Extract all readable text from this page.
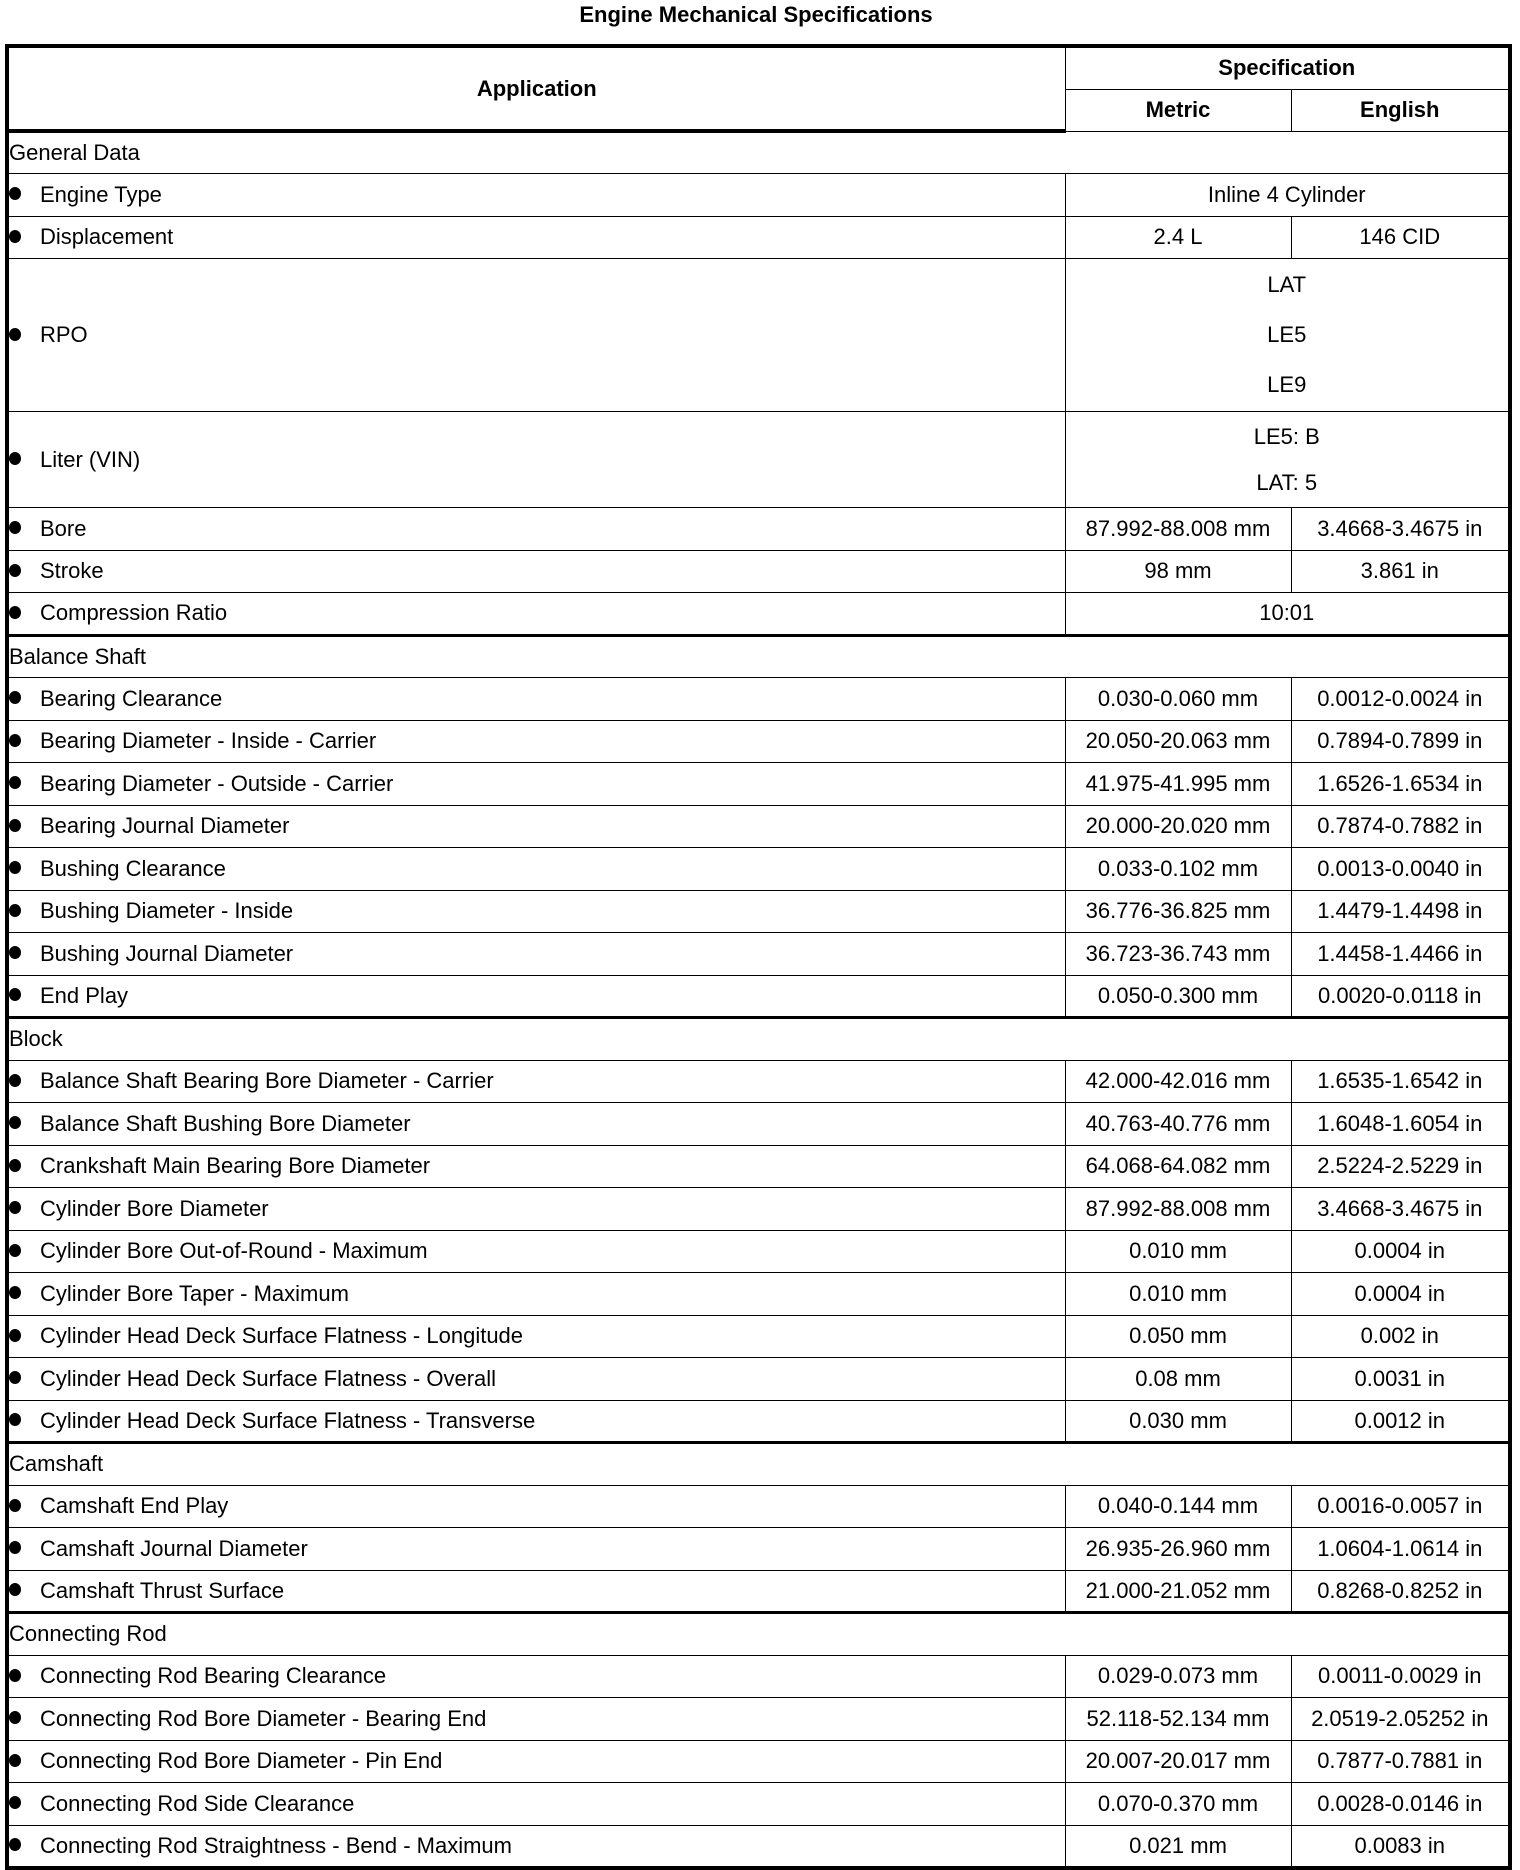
Engine Mechanical Specifications
Application	Specification	
	Metric	English
General Data		
Engine Type	Inline 4 Cylinder	
Displacement	2.4 L	146 CID
RPO	LAT
LE5
LE9	

Liter (VIN)	LE5: B
LAT: 5	

Bore	87.992-88.008 mm	3.4668-3.4675 in
Stroke	98 mm	3.861 in
Compression Ratio	10:01	
Balance Shaft		
Bearing Clearance	0.030-0.060 mm	0.0012-0.0024 in
Bearing Diameter - Inside - Carrier	20.050-20.063 mm	0.7894-0.7899 in
Bearing Diameter - Outside - Carrier	41.975-41.995 mm	1.6526-1.6534 in
Bearing Journal Diameter	20.000-20.020 mm	0.7874-0.7882 in
Bushing Clearance	0.033-0.102 mm	0.0013-0.0040 in
Bushing Diameter - Inside	36.776-36.825 mm	1.4479-1.4498 in
Bushing Journal Diameter	36.723-36.743 mm	1.4458-1.4466 in
End Play	0.050-0.300 mm	0.0020-0.0118 in
Block		
Balance Shaft Bearing Bore Diameter - Carrier	42.000-42.016 mm	1.6535-1.6542 in
Balance Shaft Bushing Bore Diameter	40.763-40.776 mm	1.6048-1.6054 in
Crankshaft Main Bearing Bore Diameter	64.068-64.082 mm	2.5224-2.5229 in
Cylinder Bore Diameter	87.992-88.008 mm	3.4668-3.4675 in
Cylinder Bore Out-of-Round - Maximum	0.010 mm	0.0004 in
Cylinder Bore Taper - Maximum	0.010 mm	0.0004 in
Cylinder Head Deck Surface Flatness - Longitude	0.050 mm	0.002 in
Cylinder Head Deck Surface Flatness - Overall	0.08 mm	0.0031 in
Cylinder Head Deck Surface Flatness - Transverse	0.030 mm	0.0012 in
Camshaft		
Camshaft End Play	0.040-0.144 mm	0.0016-0.0057 in
Camshaft Journal Diameter	26.935-26.960 mm	1.0604-1.0614 in
Camshaft Thrust Surface	21.000-21.052 mm	0.8268-0.8252 in
Connecting Rod		
Connecting Rod Bearing Clearance	0.029-0.073 mm	0.0011-0.0029 in
Connecting Rod Bore Diameter - Bearing End	52.118-52.134 mm	2.0519-2.05252 in
Connecting Rod Bore Diameter - Pin End	20.007-20.017 mm	0.7877-0.7881 in
Connecting Rod Side Clearance	0.070-0.370 mm	0.0028-0.0146 in
Connecting Rod Straightness - Bend - Maximum	0.021 mm	0.0083 in
